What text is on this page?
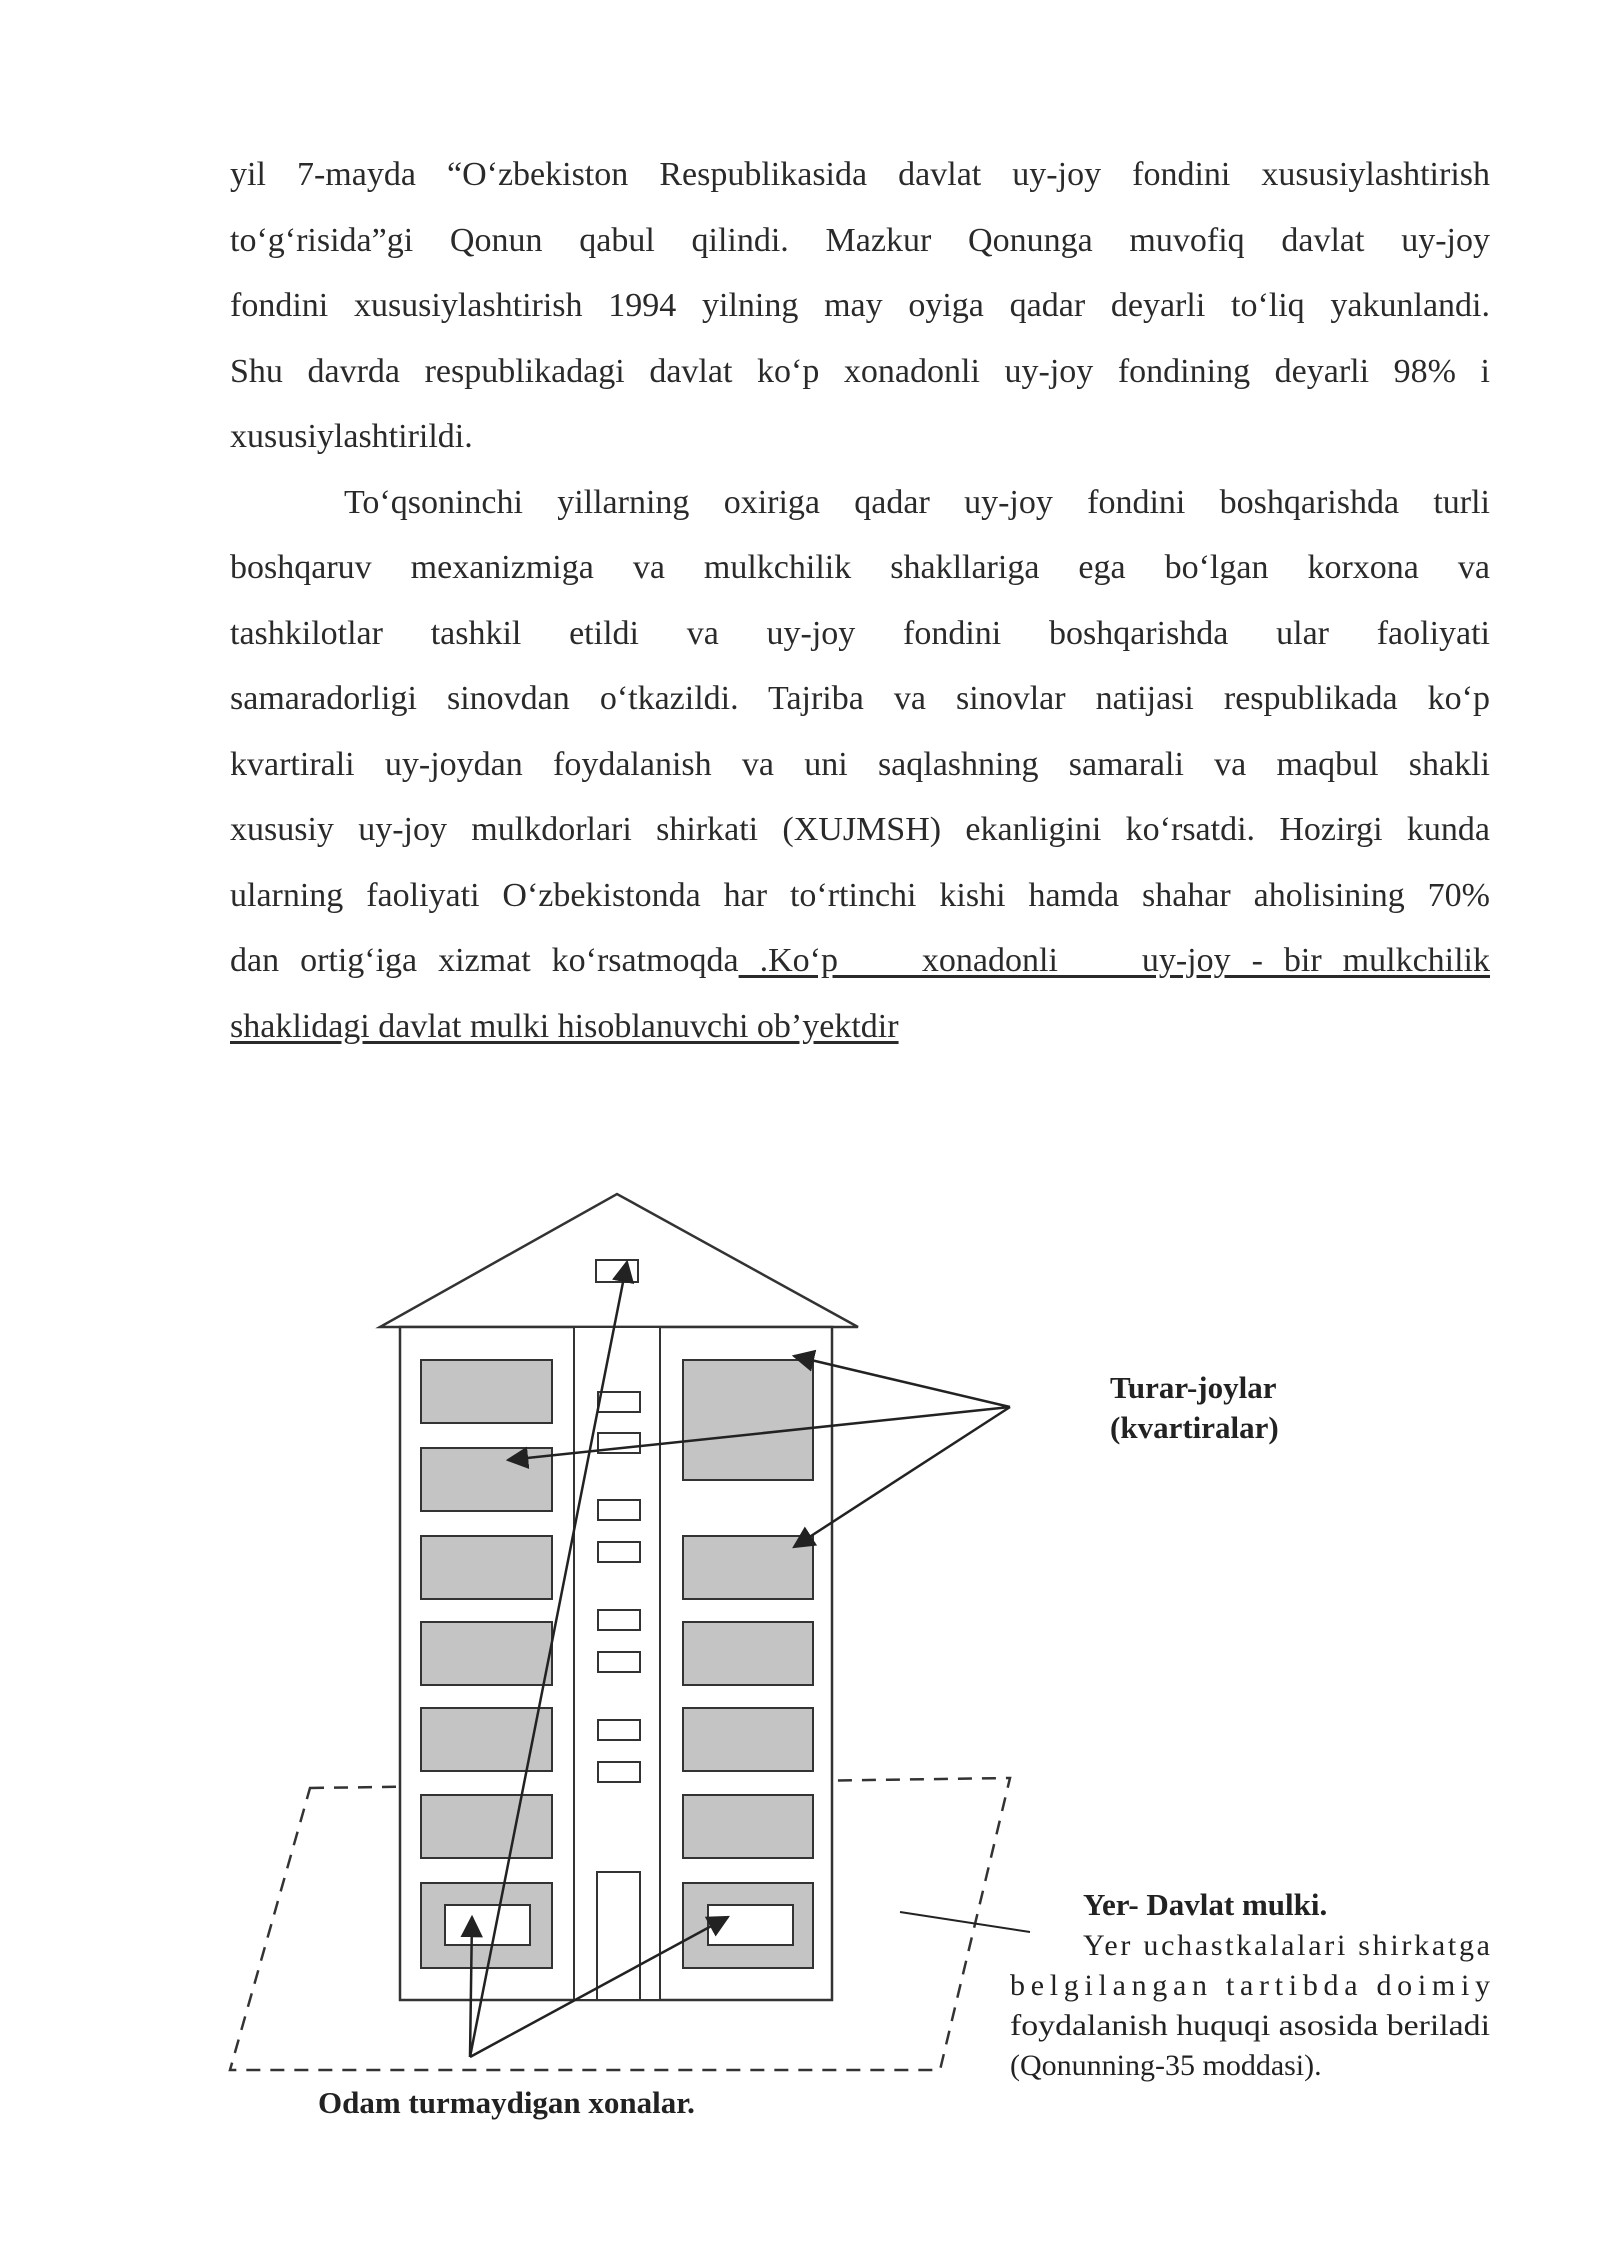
yil 7-mayda “O‘zbekiston Respublikasida davlat uy-joy fondini xususiylashtirish
to‘g‘risida”gi Qonun qabul qilindi. Mazkur Qonunga muvofiq davlat uy-joy
fondini xususiylashtirish 1994 yilning may oyiga qadar deyarli to‘liq yakunlandi.
Shu davrda respublikadagi davlat ko‘p xonadonli uy-joy fondining deyarli 98% i
xususiylashtirildi.

To‘qsoninchi yillarning oxiriga qadar uy-joy fondini boshqarishda turli
boshqaruv mexanizmiga va mulkchilik shakllariga ega bo‘lgan korxona va
tashkilotlar tashkil etildi va uy-joy fondini boshqarishda ular faoliyati
samaradorligi sinovdan o‘tkazildi. Tajriba va sinovlar natijasi respublikada ko‘p
kvartirali uy-joydan foydalanish va uni saqlashning samarali va maqbul shakli
xususiy uy-joy mulkdorlari shirkati (XUJMSH) ekanligini ko‘rsatdi. Hozirgi kunda
ularning faoliyati O‘zbekistonda har to‘rtinchi kishi hamda shahar aholisining 70%
dan ortig‘iga xizmat ko‘rsatmoqda .Ko‘p    xonadonli    uy-joy - bir mulkchilik
shaklidagi davlat mulki hisoblanuvchi ob’yektdir

Turar-joylar
(kvartiralar)
Yer- Davlat mulki.
Yer uchastkalalari shirkatga
belgilangan tartibda doimiy
foydalanish huquqi asosida beriladi
(Qonunning-35 moddasi).
Odam turmaydigan xonalar.
